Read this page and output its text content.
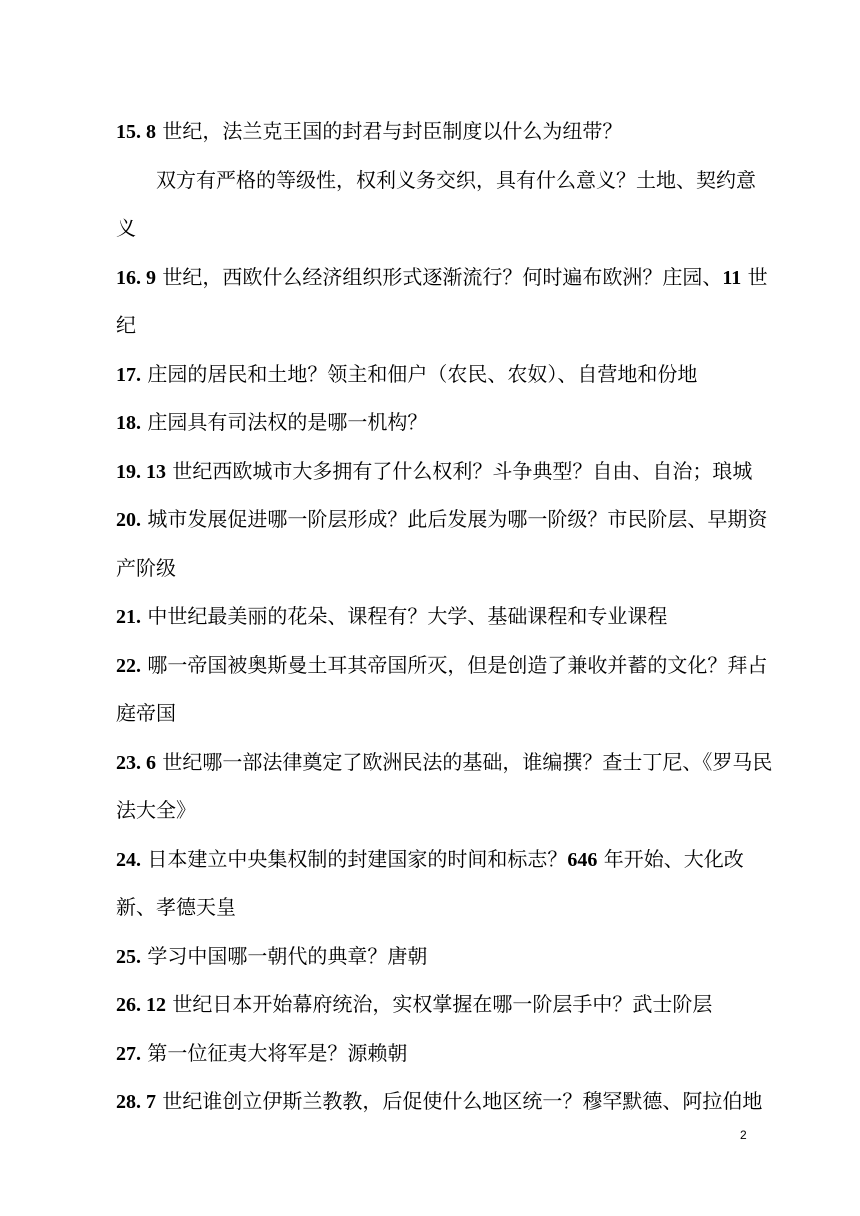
15. 8 世纪，法兰克王国的封君与封臣制度以什么为纽带？
双方有严格的等级性，权利义务交织，具有什么意义？土地、契约意
义
16. 9 世纪，西欧什么经济组织形式逐渐流行？何时遍布欧洲？庄园、11 世
纪
17. 庄园的居民和土地？领主和佃户（农民、农奴）、自营地和份地
18. 庄园具有司法权的是哪一机构？
19. 13 世纪西欧城市大多拥有了什么权利？斗争典型？自由、自治；琅城
20. 城市发展促进哪一阶层形成？此后发展为哪一阶级？市民阶层、早期资
产阶级
21. 中世纪最美丽的花朵、课程有？大学、基础课程和专业课程
22. 哪一帝国被奥斯曼土耳其帝国所灭，但是创造了兼收并蓄的文化？拜占
庭帝国
23. 6 世纪哪一部法律奠定了欧洲民法的基础，谁编撰？查士丁尼、《罗马民
法大全》
24. 日本建立中央集权制的封建国家的时间和标志？646 年开始、大化改
新、孝德天皇
25. 学习中国哪一朝代的典章？唐朝
26. 12 世纪日本开始幕府统治，实权掌握在哪一阶层手中？武士阶层
27. 第一位征夷大将军是？源赖朝
28. 7 世纪谁创立伊斯兰教教，后促使什么地区统一？穆罕默德、阿拉伯地
2
